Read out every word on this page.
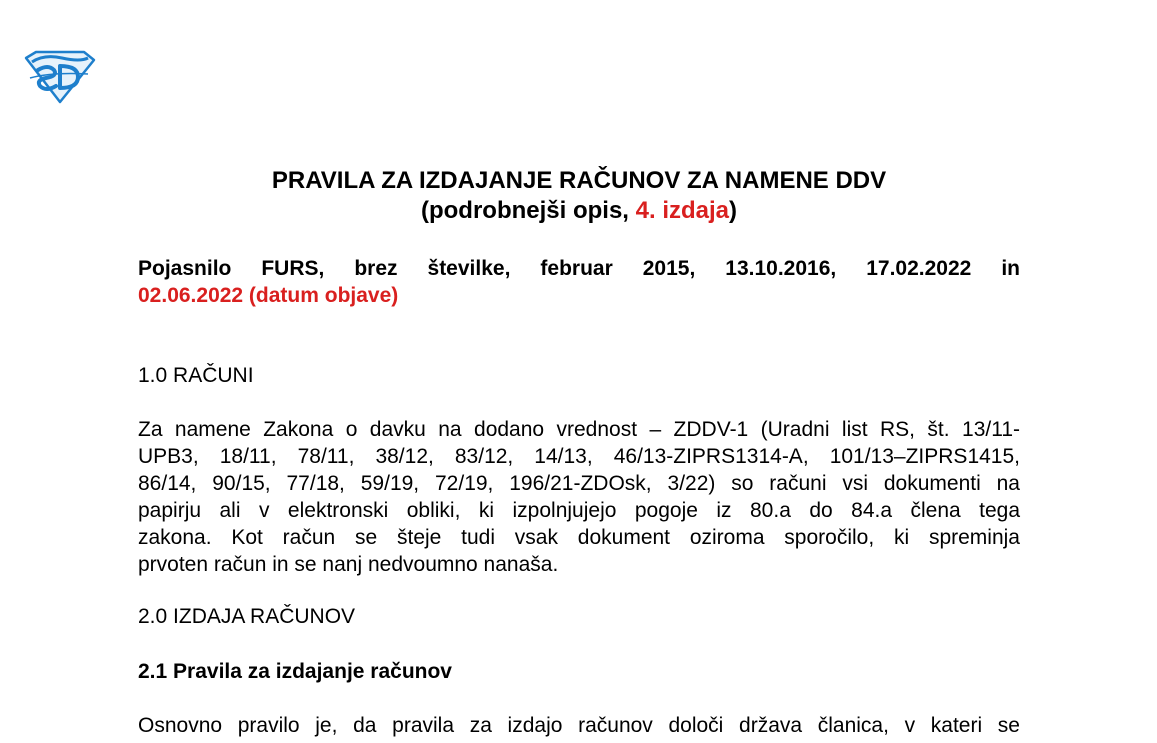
PRAVILA ZA IZDAJANJE RAČUNOV ZA NAMENE DDV
(podrobnejši opis, 4. izdaja)
Pojasnilo FURS, brez številke, februar 2015, 13.10.2016, 17.02.2022 in
02.06.2022 (datum objave)
1.0 RAČUNI
Za namene Zakona o davku na dodano vrednost – ZDDV-1 (Uradni list RS, št. 13/11-
UPB3, 18/11, 78/11, 38/12, 83/12, 14/13, 46/13-ZIPRS1314-A, 101/13–ZIPRS1415,
86/14, 90/15, 77/18, 59/19, 72/19, 196/21-ZDOsk, 3/22) so računi vsi dokumenti na
papirju ali v elektronski obliki, ki izpolnjujejo pogoje iz 80.a do 84.a člena tega
zakona. Kot račun se šteje tudi vsak dokument oziroma sporočilo, ki spreminja
prvoten račun in se nanj nedvoumno nanaša.
2.0 IZDAJA RAČUNOV
2.1 Pravila za izdajanje računov
Osnovno pravilo je, da pravila za izdajo računov določi država članica, v kateri se
